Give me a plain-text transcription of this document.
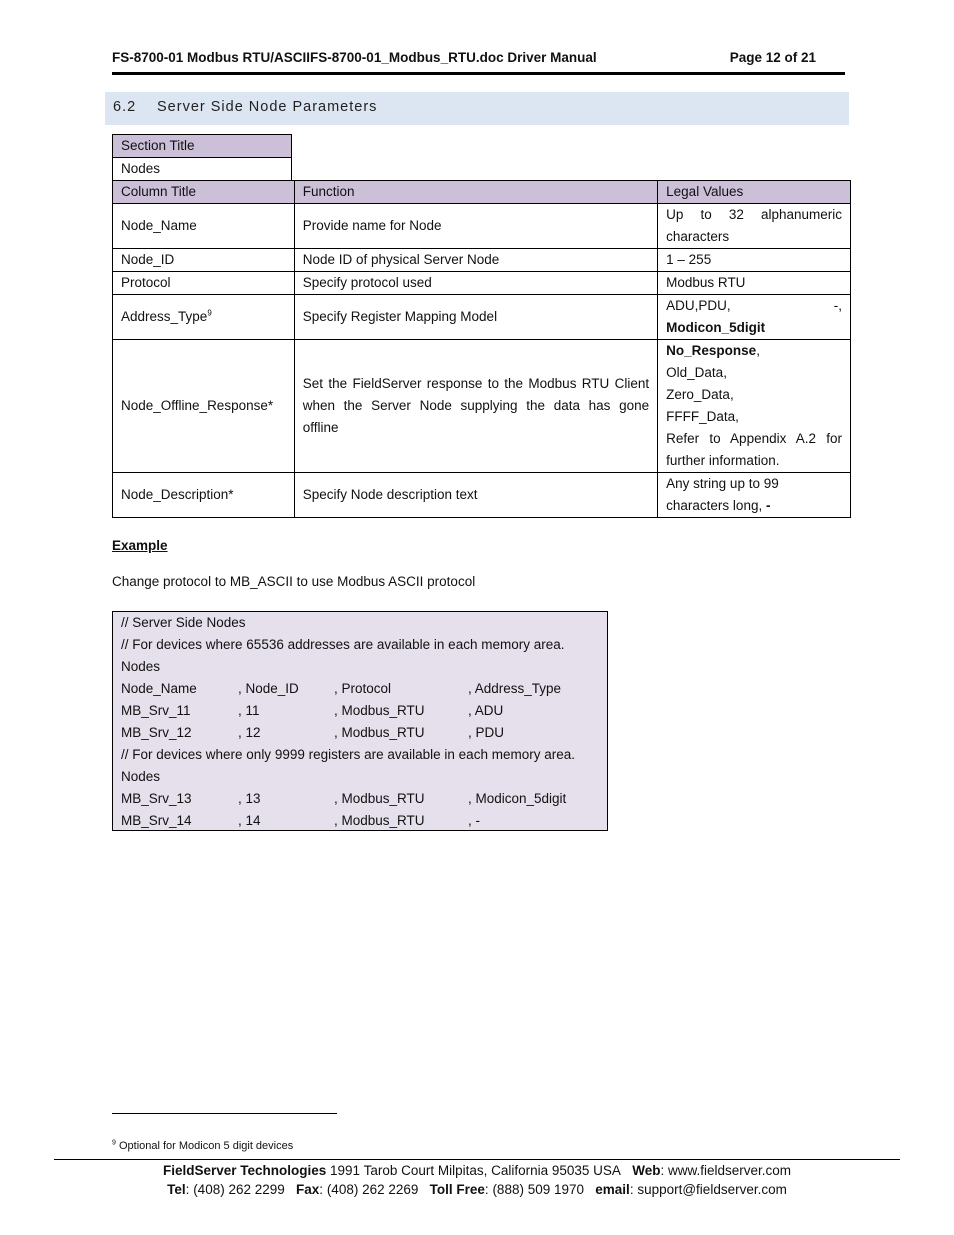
FS-8700-01 Modbus RTU/ASCIIFS-8700-01_Modbus_RTU.doc Driver Manual	Page 12 of 21
6.2 Server Side Node Parameters
Section Title
Nodes
Column Title	Function	Legal Values
Node_Name	Provide name for Node	Up to 32 alphanumeric characters
Node_ID	Node ID of physical Server Node	1 – 255
Protocol	Specify protocol used	Modbus RTU
Address_Type$^9$	Specify Register Mapping Model	ADU,PDU, -,
Modicon_5digit

Node_Offline_Response*	Set the FieldServer response to the Modbus RTU Client when the Server Node supplying the data has gone offline	No_Response,
Old_Data,
Zero_Data,
FFFF_Data,
Refer to Appendix A.2 for further information.

Node_Description*	Specify Node description text	Any string up to 99 characters long, -
Example
Change protocol to MB_ASCII to use Modbus ASCII protocol
// Server Side Nodes
// For devices where 65536 addresses are available in each memory area.
Nodes
Node_Name	, Node_ID	, Protocol	, Address_Type
MB_Srv_11	, 11	, Modbus_RTU	, ADU
MB_Srv_12	, 12	, Modbus_RTU	, PDU
// For devices where only 9999 registers are available in each memory area.
Nodes
MB_Srv_13	, 13	, Modbus_RTU	, Modicon_5digit
MB_Srv_14	, 14	, Modbus_RTU	, -
$^9$ Optional for Modicon 5 digit devices
FieldServer Technologies 1991 Tarob Court Milpitas, California 95035 USA Web: www.fieldserver.com
Tel: (408) 262 2299 Fax: (408) 262 2269 Toll Free: (888) 509 1970 email: support@fieldserver.com
